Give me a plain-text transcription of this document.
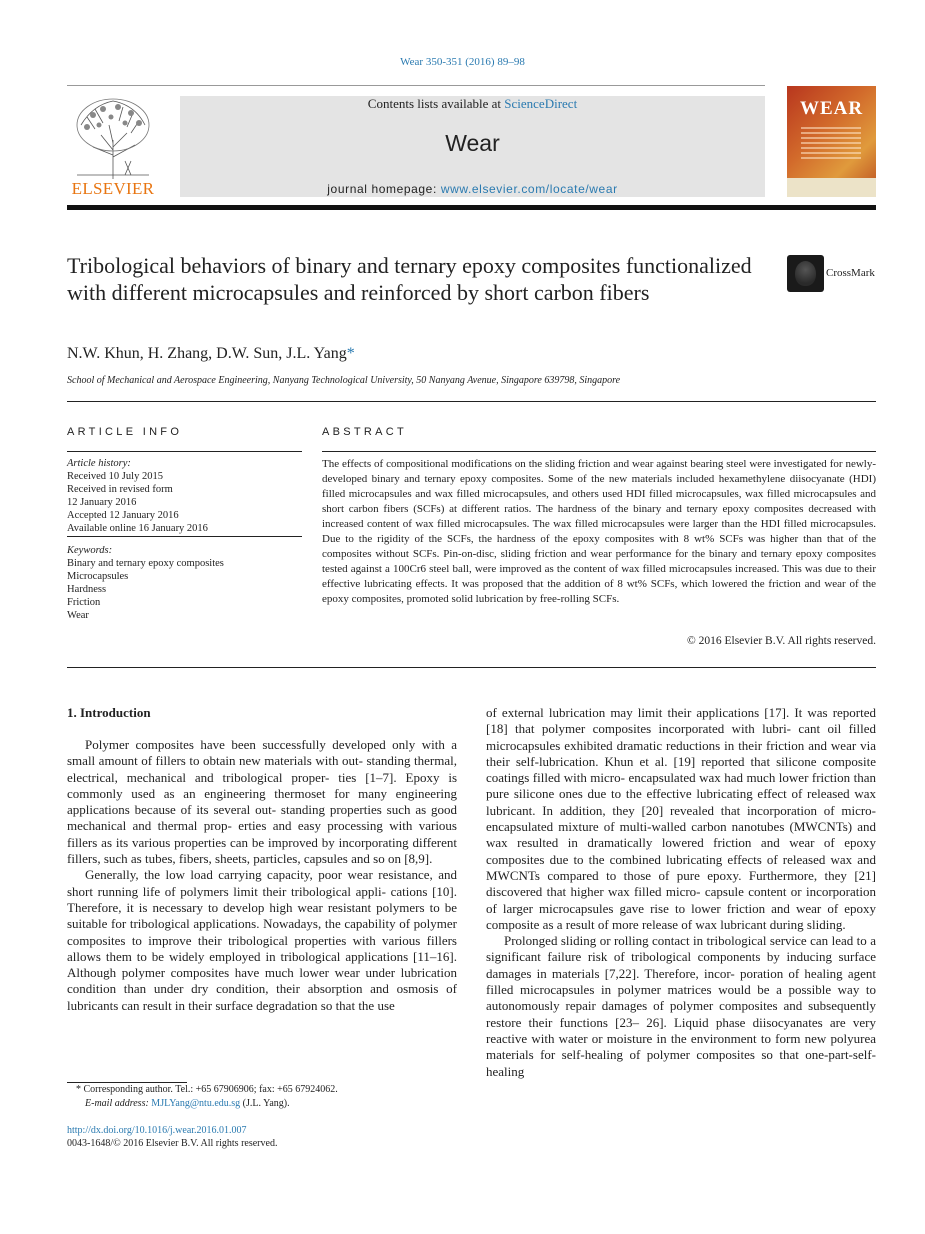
Wear 350-351 (2016) 89–98
ELSEVIER
Contents lists available at ScienceDirect
Wear
journal homepage: www.elsevier.com/locate/wear
WEAR
Tribological behaviors of binary and ternary epoxy composites functionalized with different microcapsules and reinforced by short carbon fibers
CrossMark
N.W. Khun, H. Zhang, D.W. Sun, J.L. Yang*
School of Mechanical and Aerospace Engineering, Nanyang Technological University, 50 Nanyang Avenue, Singapore 639798, Singapore
ARTICLE INFO
Article history:
Received 10 July 2015
Received in revised form
12 January 2016
Accepted 12 January 2016
Available online 16 January 2016
Keywords:
Binary and ternary epoxy composites
Microcapsules
Hardness
Friction
Wear
ABSTRACT
The effects of compositional modifications on the sliding friction and wear against bearing steel were investigated for newly-developed binary and ternary epoxy composites. Some of the new materials included hexamethylene diisocyanate (HDI) filled microcapsules and wax filled microcapsules, and others used HDI filled microcapsules, wax filled microcapsules and short carbon fibers (SCFs) at different ratios. The hardness of the binary and ternary epoxy composites decreased with increased content of wax filled microcapsules. The wax filled microcapsules were larger than the HDI filled microcapsules. Due to the rigidity of the SCFs, the hardness of the epoxy composites with 8 wt% SCFs was higher than that of the composites without SCFs. Pin-on-disc, sliding friction and wear performance for the binary and ternary epoxy composites tested against a 100Cr6 steel ball, were improved as the content of wax filled microcapsules increased. This was due to their effective lubricating effects. It was proposed that the addition of 8 wt% SCFs, which lowered the friction and wear of the epoxy composites, promoted solid lubrication by free-rolling SCFs.
© 2016 Elsevier B.V. All rights reserved.
1. Introduction

Polymer composites have been successfully developed only with a small amount of fillers to obtain new materials with out- standing thermal, electrical, mechanical and tribological proper- ties [1–7]. Epoxy is commonly used as an engineering thermoset for many engineering applications because of its several out- standing properties such as good mechanical and thermal prop- erties and easy processing with various fillers as its various properties can be improved by incorporating different fillers, such as tubes, fibers, sheets, particles, capsules and so on [8,9].

Generally, the low load carrying capacity, poor wear resistance, and short running life of polymers limit their tribological appli- cations [10]. Therefore, it is necessary to develop high wear resistant polymers to be suitable for tribological applications. Nowadays, the capability of polymer composites to improve their tribological properties with various fillers allows them to be widely employed in tribological applications [11–16]. Although polymer composites have much lower wear under lubrication condition than under dry condition, their absorption and osmosis of lubricants can result in their surface degradation so that the use

of external lubrication may limit their applications [17]. It was reported [18] that polymer composites incorporated with lubri- cant oil filled microcapsules exhibited dramatic reductions in their friction and wear via their self-lubrication. Khun et al. [19] reported that silicone composite coatings filled with micro- encapsulated wax had much lower friction than pure silicone ones due to the effective lubricating effect of released wax lubricant. In addition, they [20] revealed that incorporation of micro- encapsulated mixture of multi-walled carbon nanotubes (MWCNTs) and wax resulted in dramatically lowered friction and wear of epoxy composites due to the combined lubricating effects of released wax and MWCNTs compared to those of pure epoxy. Furthermore, they [21] discovered that higher wax filled micro- capsule content or incorporation of larger microcapsules gave rise to lower friction and wear of epoxy composite as a result of more release of wax lubricant during sliding.

Prolonged sliding or rolling contact in tribological service can lead to a significant failure risk of tribological components by inducing surface damages in materials [7,22]. Therefore, incor- poration of healing agent filled microcapsules in polymer matrices would be a possible way to autonomously repair damages of polymer composites and subsequently restore their functions [23– 26]. Liquid phase diisocyanates are very reactive with water or moisture in the environment to form new polyurea materials for self-healing of polymer composites so that one-part-self-healing

* Corresponding author. Tel.: +65 67906906; fax: +65 67924062.
E-mail address: MJLYang@ntu.edu.sg (J.L. Yang).
http://dx.doi.org/10.1016/j.wear.2016.01.007
0043-1648/© 2016 Elsevier B.V. All rights reserved.
